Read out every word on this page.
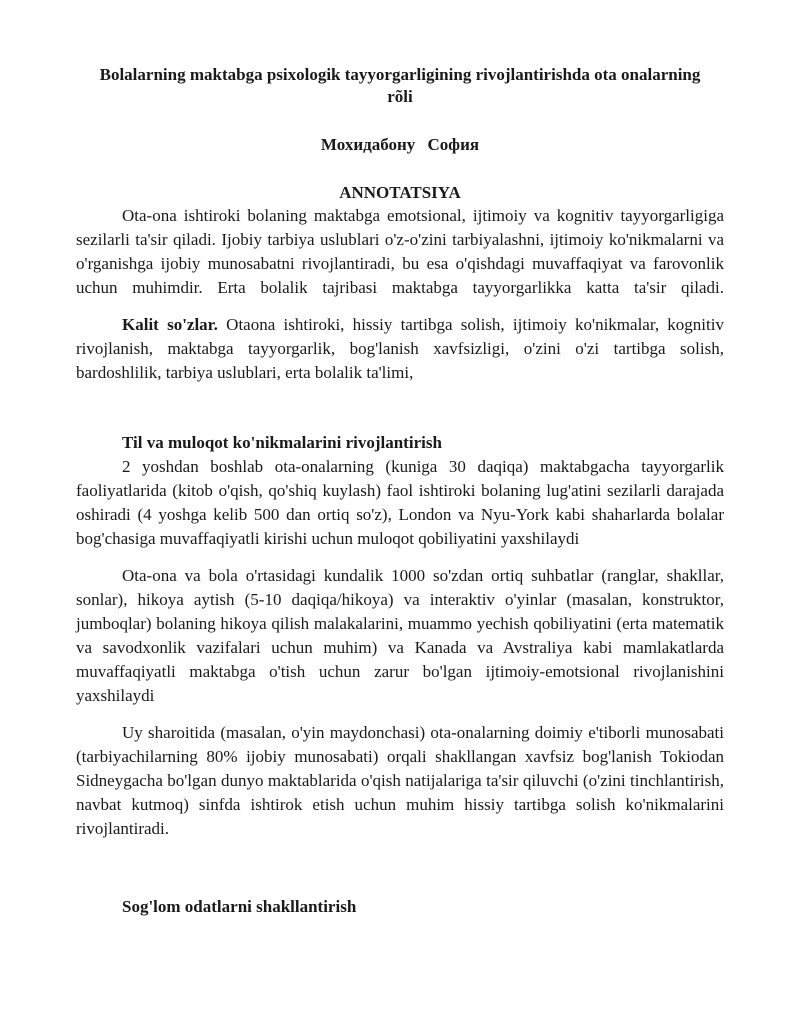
Bolalarning maktabga psixologik tayyorgarligining rivojlantirishda ota onalarning
rõli
Мохидабону София
ANNOTATSIYA

Ota-ona ishtiroki bolaning maktabga emotsional, ijtimoiy va kognitiv tayyorgarligiga sezilarli ta'sir qiladi. Ijobiy tarbiya uslublari o'z-o'zini tarbiyalashni, ijtimoiy ko'nikmalarni va o'rganishga ijobiy munosabatni rivojlantiradi, bu esa o'qishdagi muvaffaqiyat va farovonlik uchun muhimdir. Erta bolalik tajribasi maktabga tayyorgarlikka katta ta'sir qiladi.

Kalit so'zlar. Otaona ishtiroki, hissiy tartibga solish, ijtimoiy ko'nikmalar, kognitiv rivojlanish, maktabga tayyorgarlik, bog'lanish xavfsizligi, o'zini o'zi tartibga solish, bardoshlilik, tarbiya uslublari, erta bolalik ta'limi,

Til va muloqot ko'nikmalarini rivojlantirish

2 yoshdan boshlab ota-onalarning (kuniga 30 daqiqa) maktabgacha tayyorgarlik faoliyatlarida (kitob o'qish, qo'shiq kuylash) faol ishtiroki bolaning lug'atini sezilarli darajada oshiradi (4 yoshga kelib 500 dan ortiq so'z), London va Nyu-York kabi shaharlarda bolalar bog'chasiga muvaffaqiyatli kirishi uchun muloqot qobiliyatini yaxshilaydi

Ota-ona va bola o'rtasidagi kundalik 1000 so'zdan ortiq suhbatlar (ranglar, shakllar, sonlar), hikoya aytish (5-10 daqiqa/hikoya) va interaktiv o'yinlar (masalan, konstruktor, jumboqlar) bolaning hikoya qilish malakalarini, muammo yechish qobiliyatini (erta matematik va savodxonlik vazifalari uchun muhim) va Kanada va Avstraliya kabi mamlakatlarda muvaffaqiyatli maktabga o'tish uchun zarur bo'lgan ijtimoiy-emotsional rivojlanishini yaxshilaydi

Uy sharoitida (masalan, o'yin maydonchasi) ota-onalarning doimiy e'tiborli munosabati (tarbiyachilarning 80% ijobiy munosabati) orqali shakllangan xavfsiz bog'lanish Tokiodan Sidneygacha bo'lgan dunyo maktablarida o'qish natijalariga ta'sir qiluvchi (o'zini tinchlantirish, navbat kutmoq) sinfda ishtirok etish uchun muhim hissiy tartibga solish ko'nikmalarini rivojlantiradi.

Sog'lom odatlarni shakllantirish
